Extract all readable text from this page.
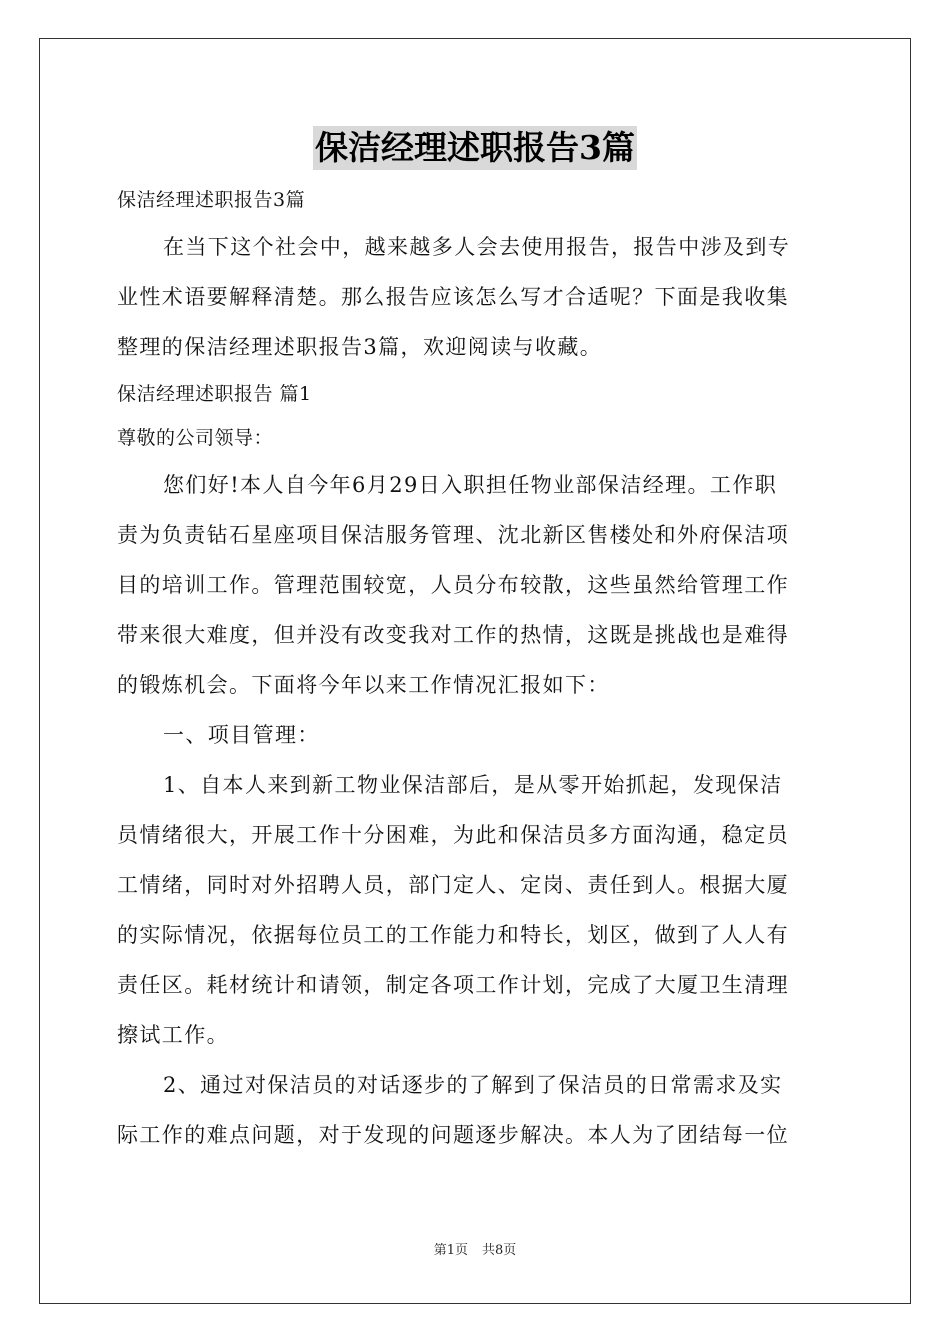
保洁经理述职报告3篇

保洁经理述职报告3篇

在当下这个社会中，越来越多人会去使用报告，报告中涉及到专

业性术语要解释清楚。那么报告应该怎么写才合适呢？下面是我收集

整理的保洁经理述职报告3篇，欢迎阅读与收藏。

保洁经理述职报告 篇1

尊敬的公司领导：

您们好!本人自今年6月29日入职担任物业部保洁经理。工作职

责为负责钻石星座项目保洁服务管理、沈北新区售楼处和外府保洁项

目的培训工作。管理范围较宽，人员分布较散，这些虽然给管理工作

带来很大难度，但并没有改变我对工作的热情，这既是挑战也是难得

的锻炼机会。下面将今年以来工作情况汇报如下：

一、项目管理：

1、自本人来到新工物业保洁部后，是从零开始抓起，发现保洁

员情绪很大，开展工作十分困难，为此和保洁员多方面沟通，稳定员

工情绪，同时对外招聘人员，部门定人、定岗、责任到人。根据大厦

的实际情况，依据每位员工的工作能力和特长，划区，做到了人人有

责任区。耗材统计和请领，制定各项工作计划，完成了大厦卫生清理

擦试工作。

2、通过对保洁员的对话逐步的了解到了保洁员的日常需求及实

际工作的难点问题，对于发现的问题逐步解决。本人为了团结每一位

第1页 共8页
